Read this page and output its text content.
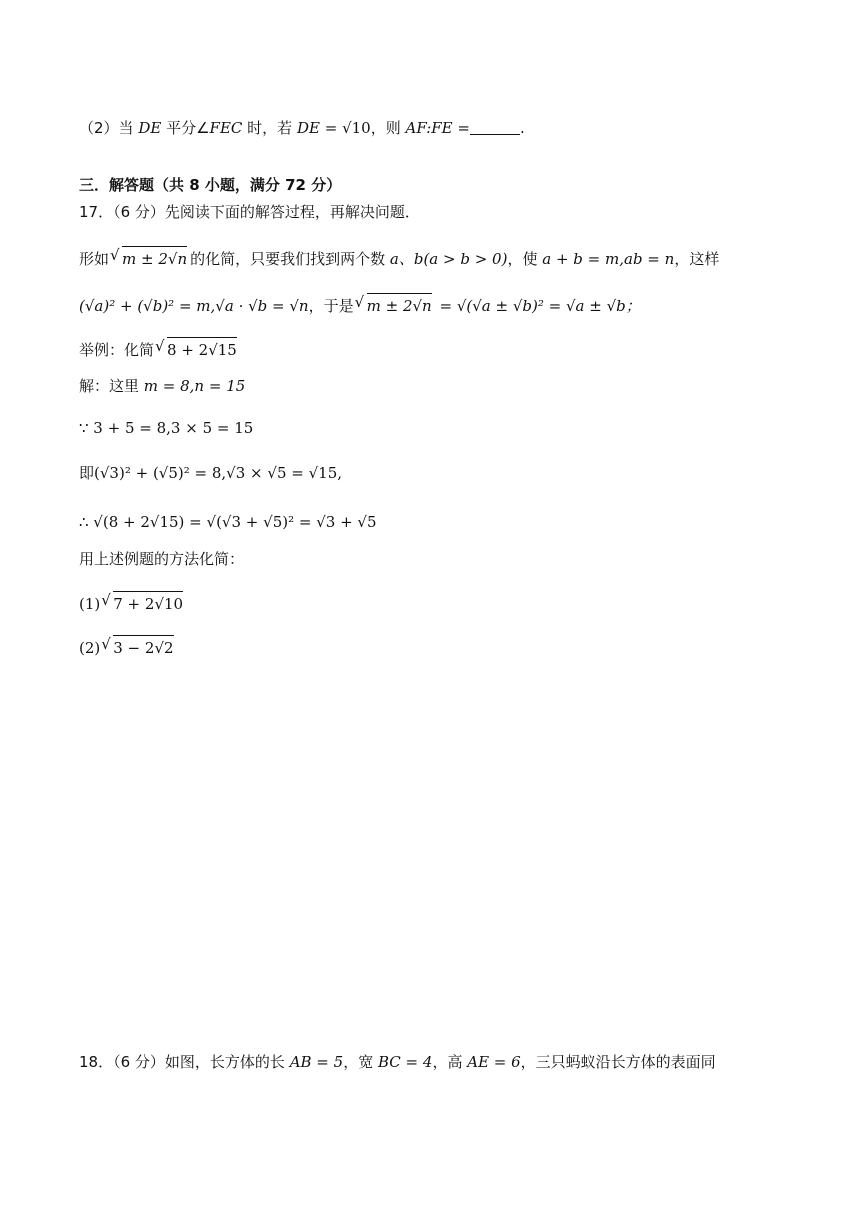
（2）当 DE 平分∠FEC 时，若 DE = √10，则 AF:FE =	.
三．解答题（共 8 小题，满分 72 分）
17．（6 分）先阅读下面的解答过程，再解决问题．
形如 √ m ± 2√n 的化简，只要我们找到两个数 a、b(a > b > 0)，使 a + b = m,ab = n，这样
(√a)² + (√b)² = m,√a · √b = √n，于是 √ m ± 2√n = √(√a ± √b)² = √a ± √b；
举例：化简 √ 8 + 2√15
解：这里 m = 8,n = 15
∵ 3 + 5 = 8,3 × 5 = 15
即(√3)² + (√5)² = 8,√3 × √5 = √15,
∴ √(8 + 2√15) = √(√3 + √5)² = √3 + √5
用上述例题的方法化简：
(1) √ 7 + 2√10
(2) √ 3 − 2√2
18．（6 分）如图，长方体的长 AB = 5，宽 BC = 4，高 AE = 6，三只蚂蚁沿长方体的表面同
